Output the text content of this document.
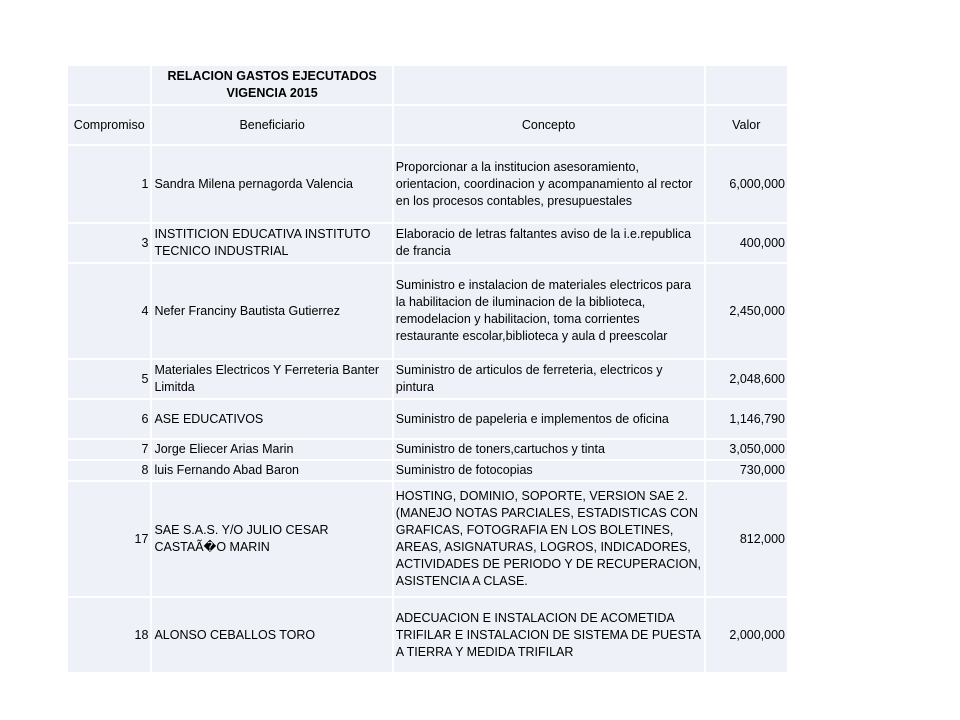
	RELACION GASTOS EJECUTADOS VIGENCIA 2015		
Compromiso	Beneficiario	Concepto	Valor
1	Sandra Milena pernagorda Valencia	Proporcionar a la institucion asesoramiento, orientacion, coordinacion y acompanamiento al rector en los procesos contables, presupuestales	6,000,000
3	INSTITICION EDUCATIVA INSTITUTO TECNICO INDUSTRIAL	Elaboracio de letras faltantes aviso de la i.e.republica de francia	400,000
4	Nefer Franciny Bautista Gutierrez	Suministro e instalacion de materiales electricos para la habilitacion de iluminacion de la biblioteca, remodelacion y habilitacion, toma corrientes restaurante escolar,biblioteca y aula d preescolar	2,450,000
5	Materiales Electricos Y Ferreteria Banter Limitda	Suministro de articulos de ferreteria, electricos y pintura	2,048,600
6	ASE EDUCATIVOS	Suministro de papeleria e implementos de oficina	1,146,790
7	Jorge Eliecer Arias Marin	Suministro de toners,cartuchos y tinta	3,050,000
8	luis Fernando Abad Baron	Suministro de fotocopias	730,000
17	SAE S.A.S. Y/O JULIO CESAR CASTAÃ�O MARIN	HOSTING, DOMINIO, SOPORTE, VERSION SAE 2. (MANEJO NOTAS PARCIALES, ESTADISTICAS CON GRAFICAS, FOTOGRAFIA EN LOS BOLETINES, AREAS, ASIGNATURAS, LOGROS, INDICADORES, ACTIVIDADES DE PERIODO Y DE RECUPERACION, ASISTENCIA A CLASE.	812,000
18	ALONSO CEBALLOS TORO	ADECUACION E INSTALACION DE ACOMETIDA TRIFILAR E INSTALACION DE SISTEMA DE PUESTA A TIERRA Y MEDIDA TRIFILAR	2,000,000
